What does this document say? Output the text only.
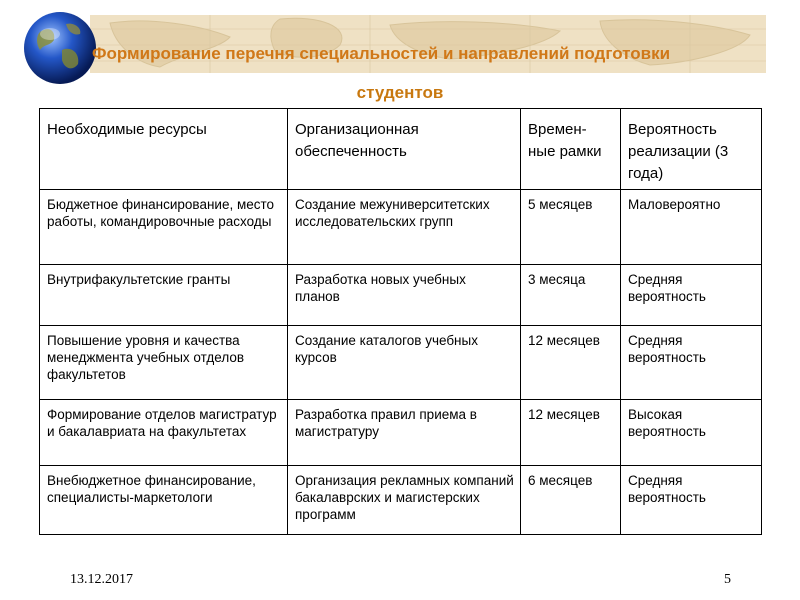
Формирование перечня специальностей и направлений подготовки
студентов
Необходимые ресурсы	Организационная обеспеченность	Времен-ные рамки	Вероятность реализации (3 года)
Бюджетное финансирование, место работы, командировочные расходы	Создание межуниверситетских исследовательских групп	5 месяцев	Маловероятно
Внутрифакультетские гранты	Разработка новых учебных планов	3 месяца	Средняя вероятность
Повышение уровня и качества менеджмента учебных отделов факультетов	Создание каталогов учебных курсов	12 месяцев	Средняя вероятность
Формирование отделов магистратур и бакалавриата на факультетах	Разработка правил приема в магистратуру	12 месяцев	Высокая вероятность
Внебюджетное финансирование, специалисты-маркетологи	Организация рекламных компаний бакалаврских и магистерских программ	6 месяцев	Средняя вероятность
13.12.2017	5
